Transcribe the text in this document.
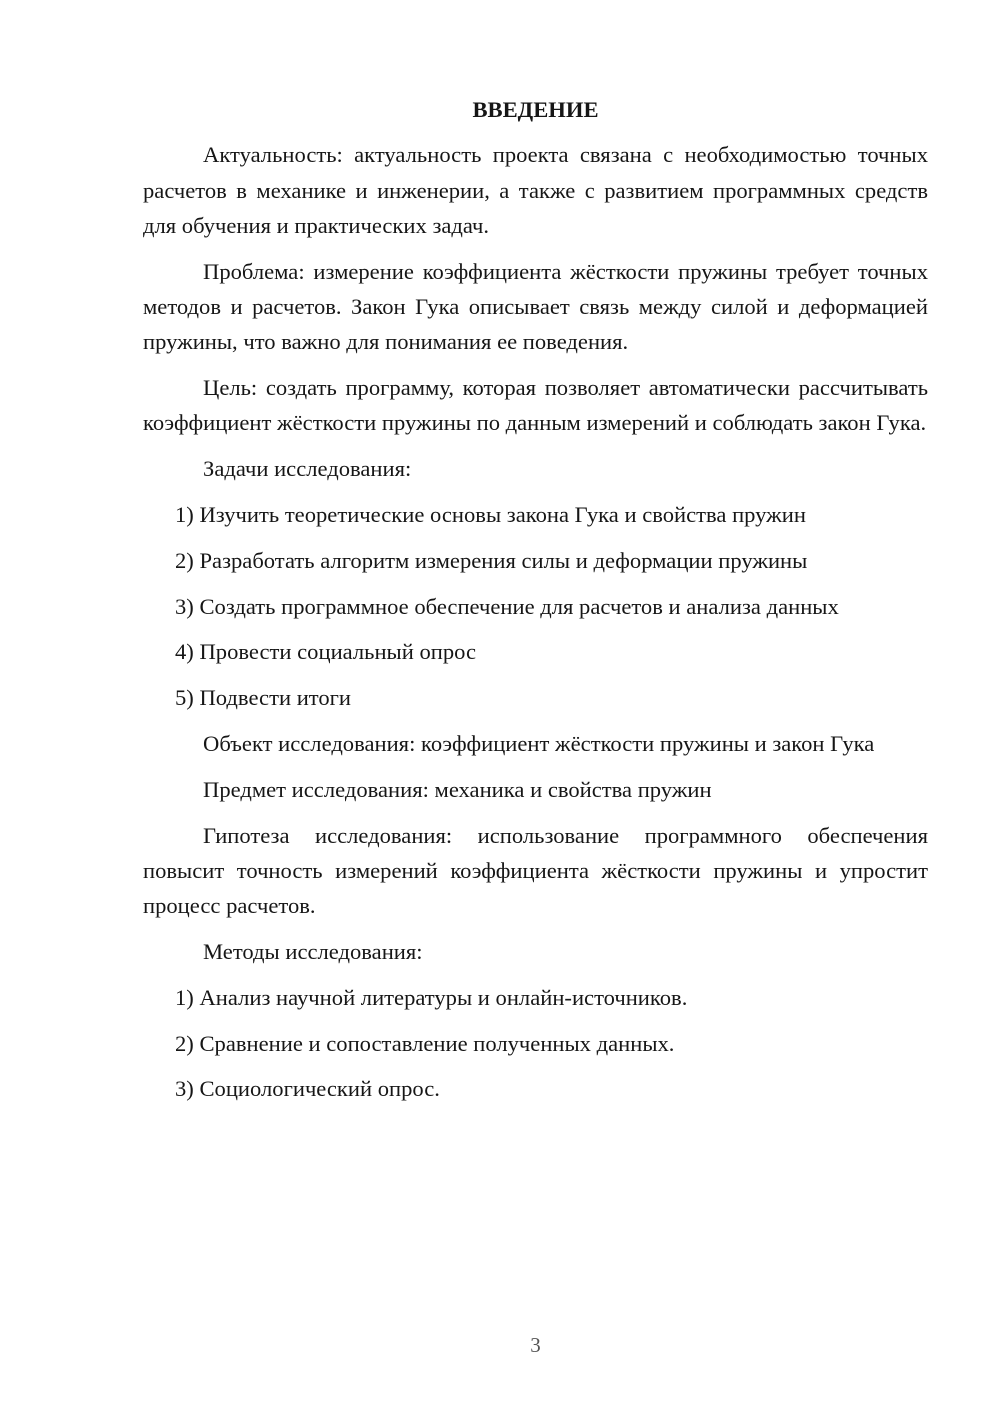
ВВЕДЕНИЕ

Актуальность: актуальность проекта связана с необходимостью точных расчетов в механике и инженерии, а также с развитием программных средств для обучения и практических задач.

Проблема: измерение коэффициента жёсткости пружины требует точных методов и расчетов. Закон Гука описывает связь между силой и деформацией пружины, что важно для понимания ее поведения.

Цель: создать программу, которая позволяет автоматически рассчитывать коэффициент жёсткости пружины по данным измерений и соблюдать закон Гука.

Задачи исследования:

1) Изучить теоретические основы закона Гука и свойства пружин

2) Разработать алгоритм измерения силы и деформации пружины

3) Создать программное обеспечение для расчетов и анализа данных

4) Провести социальный опрос

5) Подвести итоги

Объект исследования: коэффициент жёсткости пружины и закон Гука

Предмет исследования: механика и свойства пружин

Гипотеза исследования: использование программного обеспечения повысит точность измерений коэффициента жёсткости пружины и упростит процесс расчетов.

Методы исследования:

1) Анализ научной литературы и онлайн-источников.

2) Сравнение и сопоставление полученных данных.

3) Социологический опрос.

3
